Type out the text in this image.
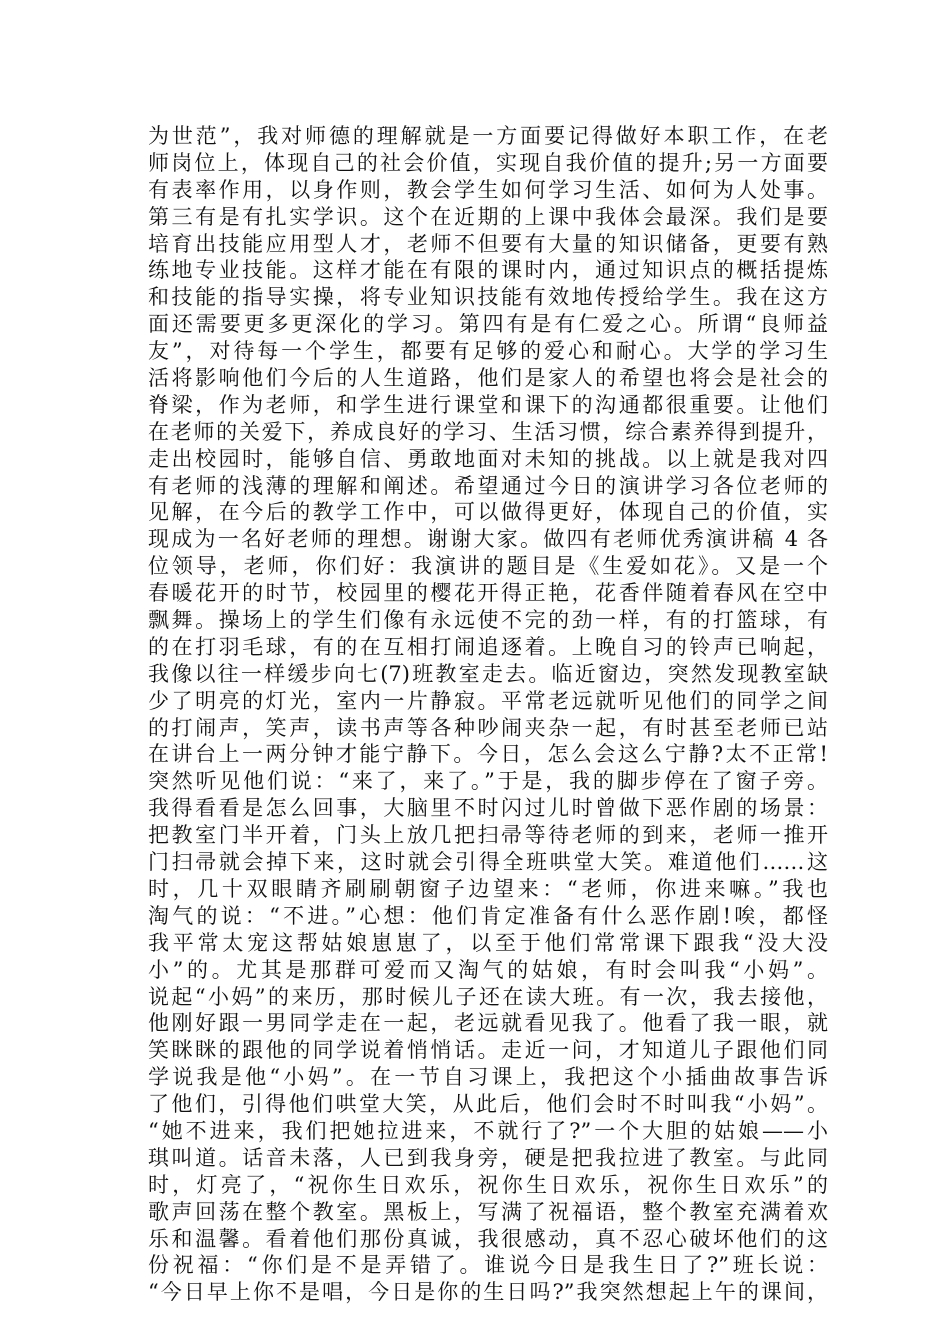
为世范”，我对师德的理解就是一方面要记得做好本职工作，在老
师岗位上，体现自己的社会价值，实现自我价值的提升;另一方面要
有表率作用，以身作则，教会学生如何学习生活、如何为人处事。
第三有是有扎实学识。这个在近期的上课中我体会最深。我们是要
培育出技能应用型人才，老师不但要有大量的知识储备，更要有熟
练地专业技能。这样才能在有限的课时内，通过知识点的概括提炼
和技能的指导实操，将专业知识技能有效地传授给学生。我在这方
面还需要更多更深化的学习。第四有是有仁爱之心。所谓“良师益
友”，对待每一个学生，都要有足够的爱心和耐心。大学的学习生
活将影响他们今后的人生道路，他们是家人的希望也将会是社会的
脊梁，作为老师，和学生进行课堂和课下的沟通都很重要。让他们
在老师的关爱下，养成良好的学习、生活习惯，综合素养得到提升，
走出校园时，能够自信、勇敢地面对未知的挑战。以上就是我对四
有老师的浅薄的理解和阐述。希望通过今日的演讲学习各位老师的
见解，在今后的教学工作中，可以做得更好，体现自己的价值，实
现成为一名好老师的理想。谢谢大家。做四有老师优秀演讲稿 4 各
位领导，老师，你们好：我演讲的题目是《生爱如花》。又是一个
春暖花开的时节，校园里的樱花开得正艳，花香伴随着春风在空中
飘舞。操场上的学生们像有永远使不完的劲一样，有的打篮球，有
的在打羽毛球，有的在互相打闹追逐着。上晚自习的铃声已响起，
我像以往一样缓步向七(7)班教室走去。临近窗边，突然发现教室缺
少了明亮的灯光，室内一片静寂。平常老远就听见他们的同学之间
的打闹声，笑声，读书声等各种吵闹夹杂一起，有时甚至老师已站
在讲台上一两分钟才能宁静下。今日，怎么会这么宁静?太不正常!
突然听见他们说：“来了，来了。”于是，我的脚步停在了窗子旁。
我得看看是怎么回事，大脑里不时闪过儿时曾做下恶作剧的场景：
把教室门半开着，门头上放几把扫帚等待老师的到来，老师一推开
门扫帚就会掉下来，这时就会引得全班哄堂大笑。难道他们……这
时，几十双眼睛齐刷刷朝窗子边望来：“老师，你进来嘛。”我也
淘气的说：“不进。”心想：他们肯定准备有什么恶作剧!唉，都怪
我平常太宠这帮姑娘崽崽了，以至于他们常常课下跟我“没大没
小”的。尤其是那群可爱而又淘气的姑娘，有时会叫我“小妈”。
说起“小妈”的来历，那时候儿子还在读大班。有一次，我去接他，
他刚好跟一男同学走在一起，老远就看见我了。他看了我一眼，就
笑眯眯的跟他的同学说着悄悄话。走近一问，才知道儿子跟他们同
学说我是他“小妈”。在一节自习课上，我把这个小插曲故事告诉
了他们，引得他们哄堂大笑，从此后，他们会时不时叫我“小妈”。
“她不进来，我们把她拉进来，不就行了?”一个大胆的姑娘——小
琪叫道。话音未落，人已到我身旁，硬是把我拉进了教室。与此同
时，灯亮了，“祝你生日欢乐，祝你生日欢乐，祝你生日欢乐”的
歌声回荡在整个教室。黑板上，写满了祝福语，整个教室充满着欢
乐和温馨。看着他们那份真诚，我很感动，真不忍心破坏他们的这
份祝福：“你们是不是弄错了。谁说今日是我生日了?”班长说：
“今日早上你不是唱，今日是你的生日吗?”我突然想起上午的课间，
